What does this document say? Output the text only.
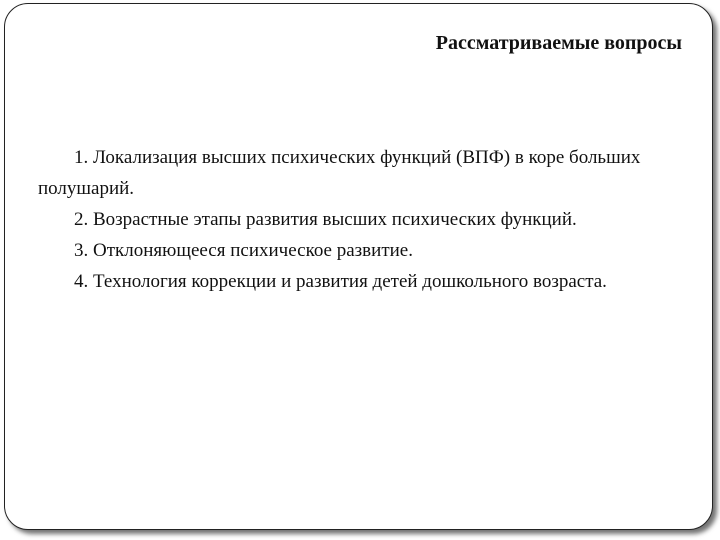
Рассматриваемые вопросы
1. Локализация высших психических функций (ВПФ) в коре больших полушарий.
2. Возрастные этапы развития высших психических функций.
3. Отклоняющееся психическое развитие.
4. Технология коррекции и развития детей дошкольного возраста.
